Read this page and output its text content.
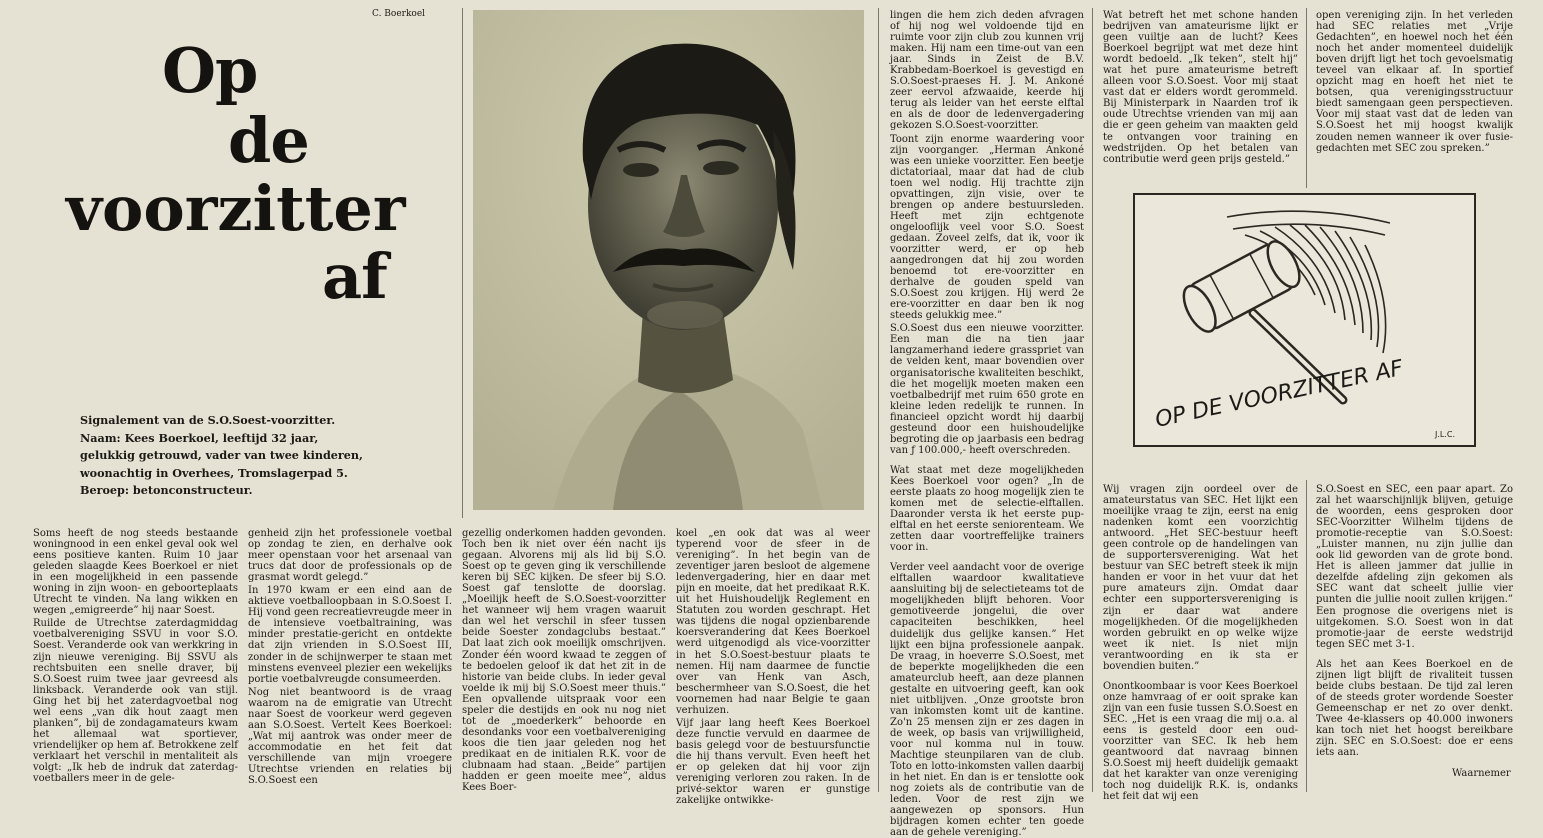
C. Boerkoel
Op
de
voorzitter
af

Signalement van de S.O.Soest-voorzitter.

Naam: Kees Boerkoel, leeftijd 32 jaar,

gelukkig getrouwd, vader van twee kinderen,

woonachtig in Overhees, Tromslagerpad 5.

Beroep: betonconstructeur.

Soms heeft de nog steeds bestaande woningnood in een enkel geval ook wel eens positieve kanten. Ruim 10 jaar geleden slaagde Kees Boerkoel er niet in een mogelijkheid in een passende woning in zijn woon- en geboorteplaats Utrecht te vinden. Na lang wikken en wegen „emigreerde” hij naar Soest.

Ruilde de Utrechtse zaterdagmiddag voetbalvereniging SSVU in voor S.O. Soest. Veranderde ook van werkkring in zijn nieuwe vereniging. Bij SSVU als rechtsbuiten een snelle draver, bij S.O.Soest ruim twee jaar gevreesd als linksback. Veranderde ook van stijl. Ging het bij het zaterdagvoetbal nog wel eens „van dik hout zaagt men planken”, bij de zondagamateurs kwam het allemaal wat sportiever, vriendelijker op hem af. Betrokkene zelf verklaart het verschil in mentaliteit als volgt: „Ik heb de indruk dat zaterdag-voetballers meer in de gele-

genheid zijn het professionele voetbal op zondag te zien, en derhalve ook meer openstaan voor het arsenaal van trucs dat door de professionals op de grasmat wordt gelegd.”

In 1970 kwam er een eind aan de aktieve voetballoopbaan in S.O.Soest I. Hij vond geen recreatievreugde meer in de intensieve voetbaltraining, was minder prestatie-gericht en ontdekte dat zijn vrienden in S.O.Soest III, zonder in de schijnwerper te staan met minstens evenveel plezier een wekelijks portie voetbalvreugde consumeerden.

Nog niet beantwoord is de vraag waarom na de emigratie van Utrecht naar Soest de voorkeur werd gegeven aan S.O.Soest. Vertelt Kees Boerkoel: „Wat mij aantrok was onder meer de accommodatie en het feit dat verschillende van mijn vroegere Utrechtse vrienden en relaties bij S.O.Soest een

gezellig onderkomen hadden gevonden. Toch ben ik niet over één nacht ijs gegaan. Alvorens mij als lid bij S.O. Soest op te geven ging ik verschillende keren bij SEC kijken. De sfeer bij S.O. Soest gaf tenslotte de doorslag. „Moeilijk heeft de S.O.Soest-voorzitter het wanneer wij hem vragen waaruit dan wel het verschil in sfeer tussen beide Soester zondagclubs bestaat.” Dat laat zich ook moeilijk omschrijven. Zonder één woord kwaad te zeggen of te bedoelen geloof ik dat het zit in de historie van beide clubs. In ieder geval voelde ik mij bij S.O.Soest meer thuis.” Een opvallende uitspraak voor een speler die destijds en ook nu nog niet tot de „moederkerk” behoorde en desondanks voor een voetbalvereniging koos die tien jaar geleden nog het predikaat en de initialen R.K. voor de clubnaam had staan. „Beide” partijen hadden er geen moeite mee”, aldus Kees Boer-

koel „en ook dat was al weer typerend voor de sfeer in de vereniging”. In het begin van de zeventiger jaren besloot de algemene ledenvergadering, hier en daar met pijn en moeite, dat het predikaat R.K. uit het Huishoudelijk Reglement en Statuten zou worden geschrapt. Het was tijdens die nogal opzienbarende koersverandering dat Kees Boerkoel werd uitgenodigd als vice-voorzitter in het S.O.Soest-bestuur plaats te nemen. Hij nam daarmee de functie over van Henk van Asch, beschermheer van S.O.Soest, die het voornemen had naar Belgie te gaan verhuizen.

Vijf jaar lang heeft Kees Boerkoel deze functie vervuld en daarmee de basis gelegd voor de bestuursfunctie die hij thans vervult. Even heeft het er op geleken dat hij voor zijn vereniging verloren zou raken. In de privé-sektor waren er gunstige zakelijke ontwikke-

lingen die hem zich deden afvragen of hij nog wel voldoende tijd en ruimte voor zijn club zou kunnen vrij maken. Hij nam een time-out van een jaar. Sinds in Zeist de B.V. Krabbedam-Boerkoel is gevestigd en S.O.Soest-praeses H. J. M. Ankoné zeer eervol afzwaaide, keerde hij terug als leider van het eerste elftal en als de door de ledenvergadering gekozen S.O.Soest-voorzitter.

Toont zijn enorme waardering voor zijn voorganger. „Herman Ankoné was een unieke voorzitter. Een beetje dictatoriaal, maar dat had de club toen wel nodig. Hij trachtte zijn opvattingen, zijn visie, over te brengen op andere bestuursleden. Heeft met zijn echtgenote ongelooflijk veel voor S.O. Soest gedaan. Zoveel zelfs, dat ik, voor ik voorzitter werd, er op heb aangedrongen dat hij zou worden benoemd tot ere-voorzitter en derhalve de gouden speld van S.O.Soest zou krijgen. Hij werd 2e ere-voorzitter en daar ben ik nog steeds gelukkig mee.”

S.O.Soest dus een nieuwe voorzitter. Een man die na tien jaar langzamerhand iedere grasspriet van de velden kent, maar bovendien over organisatorische kwaliteiten beschikt, die het mogelijk moeten maken een voetbalbedrijf met ruim 650 grote en kleine leden redelijk te runnen. In financieel opzicht wordt hij daarbij gesteund door een huishoudelijke begroting die op jaarbasis een bedrag van ƒ 100.000,- heeft overschreden.

Wat staat met deze mogelijkheden Kees Boerkoel voor ogen? „In de eerste plaats zo hoog mogelijk zien te komen met de selectie-elftallen. Daaronder versta ik het eerste pup-elftal en het eerste seniorenteam. We zetten daar voortreffelijke trainers voor in.

Verder veel aandacht voor de overige elftallen waardoor kwalitatieve aansluiting bij de selectieteams tot de mogelijkheden blijft behoren. Voor gemotiveerde jongelui, die over capaciteiten beschikken, heel duidelijk dus gelijke kansen.” Het lijkt een bijna professionele aanpak. De vraag, in hoeverre S.O.Soest, met de beperkte mogelijkheden die een amateurclub heeft, aan deze plannen gestalte en uitvoering geeft, kan ook niet uitblijven. „Onze grootste bron van inkomsten komt uit de kantine. Zo'n 25 mensen zijn er zes dagen in de week, op basis van vrijwilligheid, voor nul komma nul in touw. Machtige steunpilaren van de club. Toto en lotto-inkomsten vallen daarbij in het niet. En dan is er tenslotte ook nog zoiets als de contributie van de leden. Voor de rest zijn we aangewezen op sponsors. Hun bijdragen komen echter ten goede aan de gehele vereniging.”

Wat betreft het met schone handen bedrijven van amateurisme lijkt er geen vuiltje aan de lucht? Kees Boerkoel begrijpt wat met deze hint wordt bedoeld. „Ik teken”, stelt hij” wat het pure amateurisme betreft alleen voor S.O.Soest. Voor mij staat vast dat er elders wordt gerommeld. Bij Ministerpark in Naarden trof ik oude Utrechtse vrienden van mij aan die er geen geheim van maakten geld te ontvangen voor training en wedstrijden. Op het betalen van contributie werd geen prijs gesteld.”

Wij vragen zijn oordeel over de amateurstatus van SEC. Het lijkt een moeilijke vraag te zijn, eerst na enig nadenken komt een voorzichtig antwoord. „Het SEC-bestuur heeft geen controle op de handelingen van de supportersvereniging. Wat het bestuur van SEC betreft steek ik mijn handen er voor in het vuur dat het pure amateurs zijn. Omdat daar echter een supportersvereniging is zijn er daar wat andere mogelijkheden. Of die mogelijkheden worden gebruikt en op welke wijze weet ik niet. Is niet mijn verantwoording en ik sta er bovendien buiten.”

Onontkoombaar is voor Kees Boerkoel onze hamvraag of er ooit sprake kan zijn van een fusie tussen S.O.Soest en SEC. „Het is een vraag die mij o.a. al eens is gesteld door een oud-voorzitter van SEC. Ik heb hem geantwoord dat navraag binnen S.O.Soest mij heeft duidelijk gemaakt dat het karakter van onze vereniging toch nog duidelijk R.K. is, ondanks het feit dat wij een

open vereniging zijn. In het verleden had SEC relaties met „Vrije Gedachten”, en hoewel noch het één noch het ander momenteel duidelijk boven drijft ligt het toch gevoelsmatig teveel van elkaar af. In sportief opzicht mag en hoeft het niet te botsen, qua verenigingsstructuur biedt samengaan geen perspectieven. Voor mij staat vast dat de leden van S.O.Soest het mij hoogst kwalijk zouden nemen wanneer ik over fusie-gedachten met SEC zou spreken.”

S.O.Soest en SEC, een paar apart. Zo zal het waarschijnlijk blijven, getuige de woorden, eens gesproken door SEC-Voorzitter Wilhelm tijdens de promotie-receptie van S.O.Soest: „Luister mannen, nu zijn jullie dan ook lid geworden van de grote bond. Het is alleen jammer dat jullie in dezelfde afdeling zijn gekomen als SEC want dat scheelt jullie vier punten die jullie nooit zullen krijgen.” Een prognose die overigens niet is uitgekomen. S.O. Soest won in dat promotie-jaar de eerste wedstrijd tegen SEC met 3-1.

Als het aan Kees Boerkoel en de zijnen ligt blijft de rivaliteit tussen beide clubs bestaan. De tijd zal leren of de steeds groter wordende Soester Gemeenschap er net zo over denkt. Twee 4e-klassers op 40.000 inwoners kan toch niet het hoogst bereikbare zijn. SEC en S.O.Soest: doe er eens iets aan.

Waarnemer
OP DE VOORZITTER AF
J.L.C.
